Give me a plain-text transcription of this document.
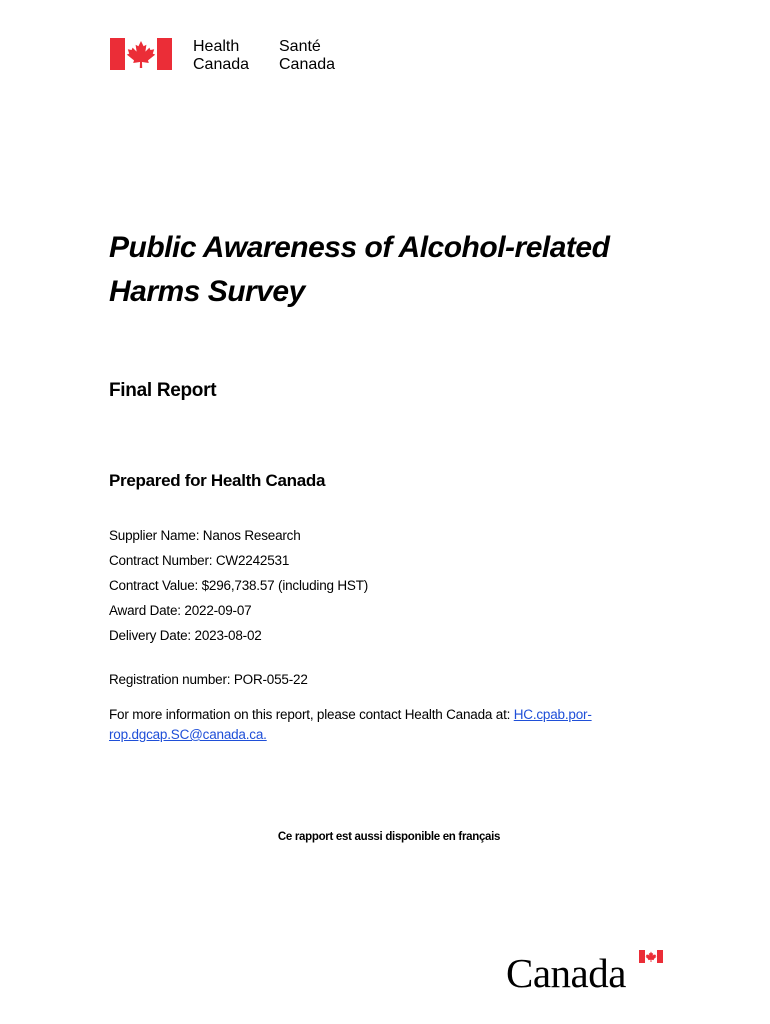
Health
Canada
Santé
Canada
Public Awareness of Alcohol-related
Harms Survey
Final Report
Prepared for Health Canada
Supplier Name: Nanos Research
Contract Number: CW2242531
Contract Value: $296,738.57 (including HST)
Award Date: 2022-09-07
Delivery Date: 2023-08-02
Registration number: POR-055-22
For more information on this report, please contact Health Canada at: HC.cpab.por-rop.dgcap.SC@canada.ca.

Ce rapport est aussi disponible en français

Canada
